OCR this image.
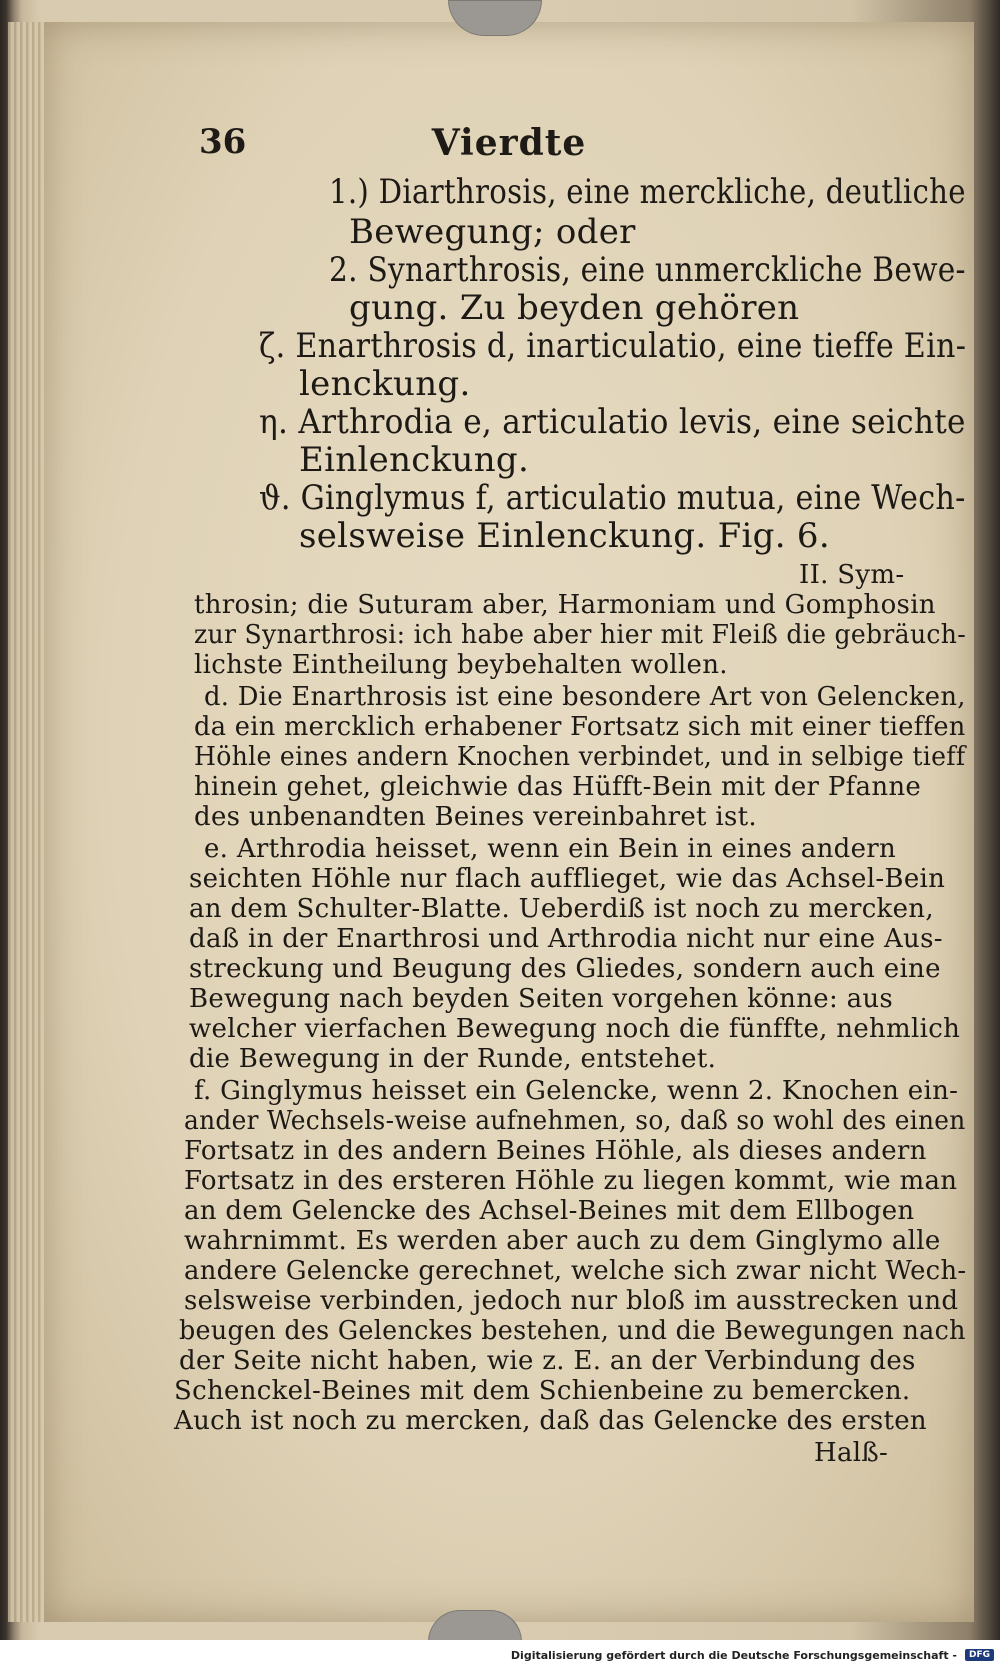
Vierdte
36
1.) Diarthrosis, eine merckliche, deutliche
Bewegung; oder
2. Synarthrosis, eine unmerckliche Bewe-
gung. Zu beyden gehören
ζ. Enarthrosis d, inarticulatio, eine tieffe Ein-
lenckung.
η. Arthrodia e, articulatio levis, eine seichte
Einlenckung.
ϑ. Ginglymus f, articulatio mutua, eine Wech-
selsweise Einlenckung. Fig. 6.
II. Sym-
throsin; die Suturam aber, Harmoniam und Gomphosin
zur Synarthrosi: ich habe aber hier mit Fleiß die gebräuch-
lichste Eintheilung beybehalten wollen.
d. Die Enarthrosis ist eine besondere Art von Gelencken,
da ein mercklich erhabener Fortsatz sich mit einer tieffen
Höhle eines andern Knochen verbindet, und in selbige tieff
hinein gehet, gleichwie das Hüfft-Bein mit der Pfanne
des unbenandten Beines vereinbahret ist.
e. Arthrodia heisset, wenn ein Bein in eines andern
seichten Höhle nur flach aufflieget, wie das Achsel-Bein
an dem Schulter-Blatte. Ueberdiß ist noch zu mercken,
daß in der Enarthrosi und Arthrodia nicht nur eine Aus-
streckung und Beugung des Gliedes, sondern auch eine
Bewegung nach beyden Seiten vorgehen könne: aus
welcher vierfachen Bewegung noch die fünffte, nehmlich
die Bewegung in der Runde, entstehet.
f. Ginglymus heisset ein Gelencke, wenn 2. Knochen ein-
ander Wechsels-weise aufnehmen, so, daß so wohl des einen
Fortsatz in des andern Beines Höhle, als dieses andern
Fortsatz in des ersteren Höhle zu liegen kommt, wie man
an dem Gelencke des Achsel-Beines mit dem Ellbogen
wahrnimmt. Es werden aber auch zu dem Ginglymo alle
andere Gelencke gerechnet, welche sich zwar nicht Wech-
selsweise verbinden, jedoch nur bloß im ausstrecken und
beugen des Gelenckes bestehen, und die Bewegungen nach
der Seite nicht haben, wie z. E. an der Verbindung des
Schenckel-Beines mit dem Schienbeine zu bemercken.
Auch ist noch zu mercken, daß das Gelencke des ersten
Halß-
Digitalisierung gefördert durch die Deutsche Forschungsgemeinschaft -	DFG
